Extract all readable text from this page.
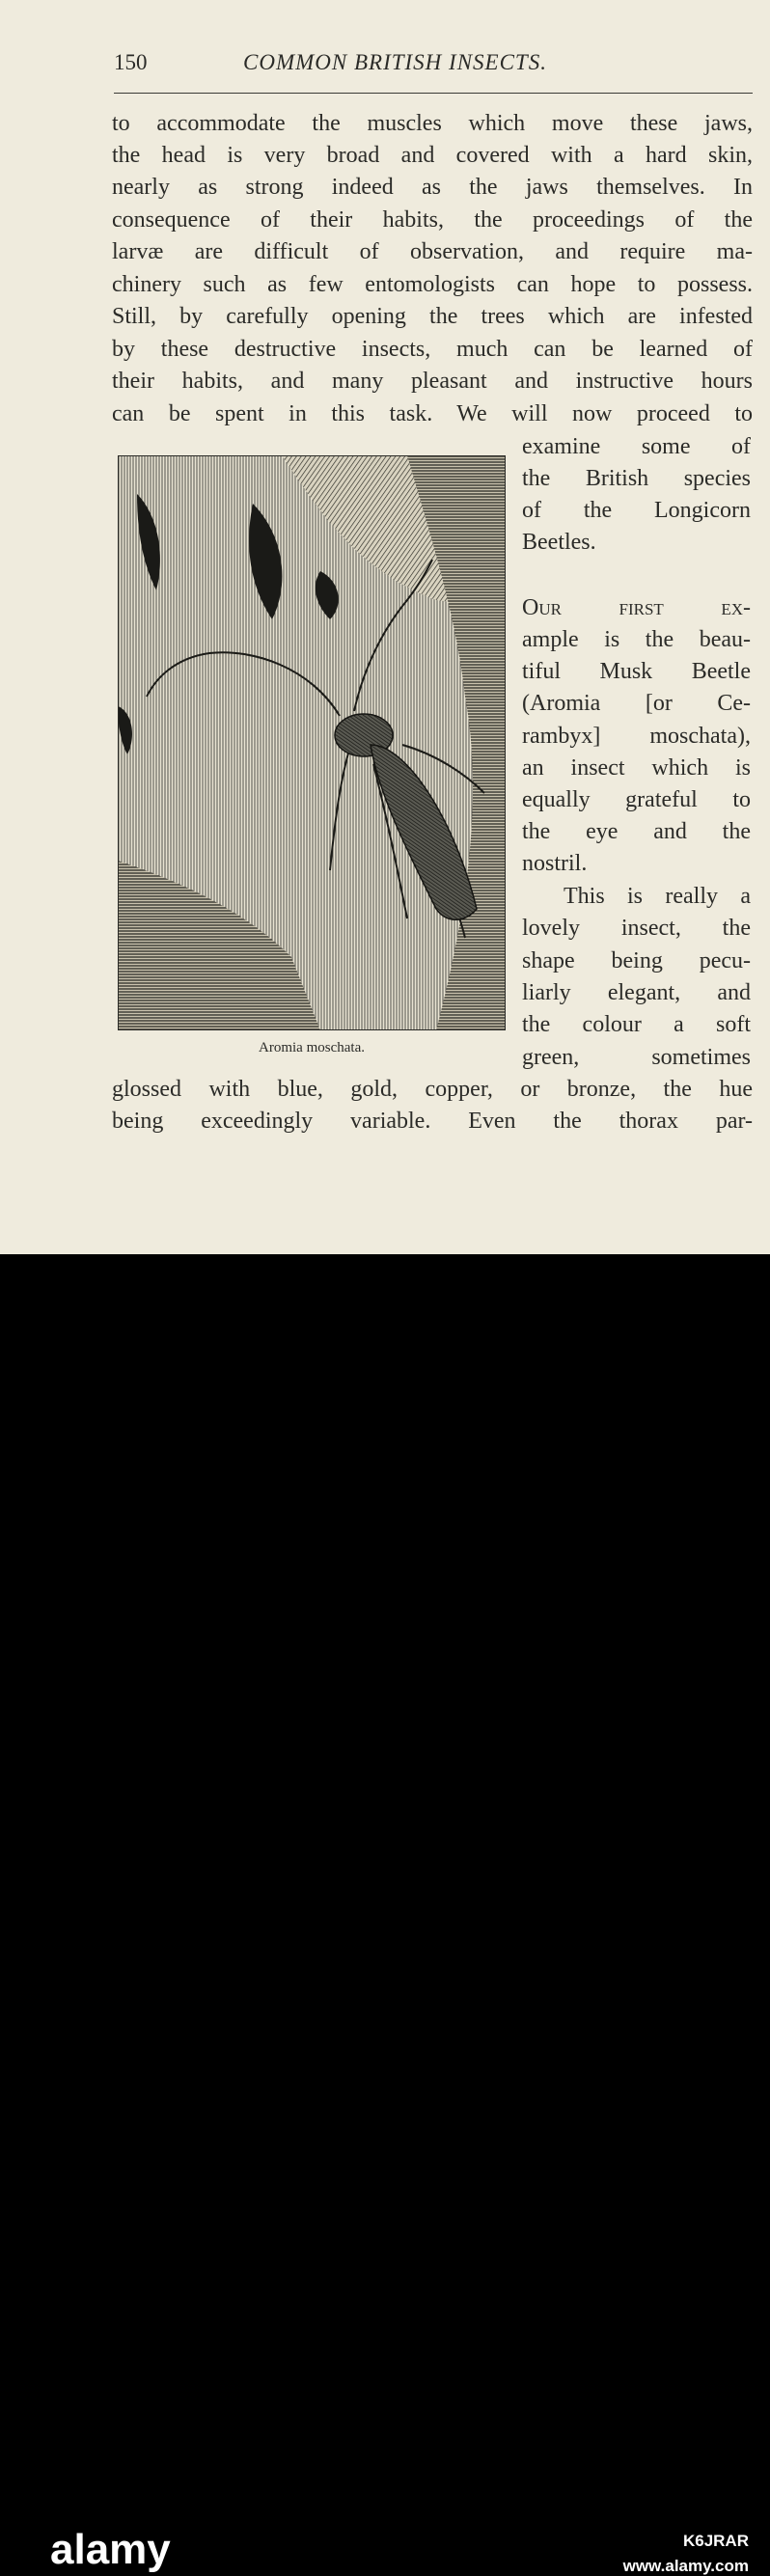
150	COMMON BRITISH INSECTS.
to accommodate the muscles which move these jaws,
the head is very broad and covered with a hard skin,
nearly as strong indeed as the jaws themselves. In
consequence of their habits, the proceedings of the
larvæ are difficult of observation, and require ma-
chinery such as few entomologists can hope to possess.
Still, by carefully opening the trees which are infested
by these destructive insects, much can be learned of
their habits, and many pleasant and instructive hours
can be spent in this task. We will now proceed to
examine some of
the British species
of the Longicorn
Beetles.
Our first ex-
ample is the beau-
tiful Musk Beetle
(Aromia [or Ce-
rambyx] moschata),
an insect which is
equally grateful to
the eye and the
nostril.
This is really a
lovely insect, the
shape being pecu-
liarly elegant, and
the colour a soft
green, sometimes
glossed with blue, gold, copper, or bronze, the hue
being exceedingly variable. Even the thorax par-
Aromia moschata.
alamy	K6JRAR
www.alamy.com
